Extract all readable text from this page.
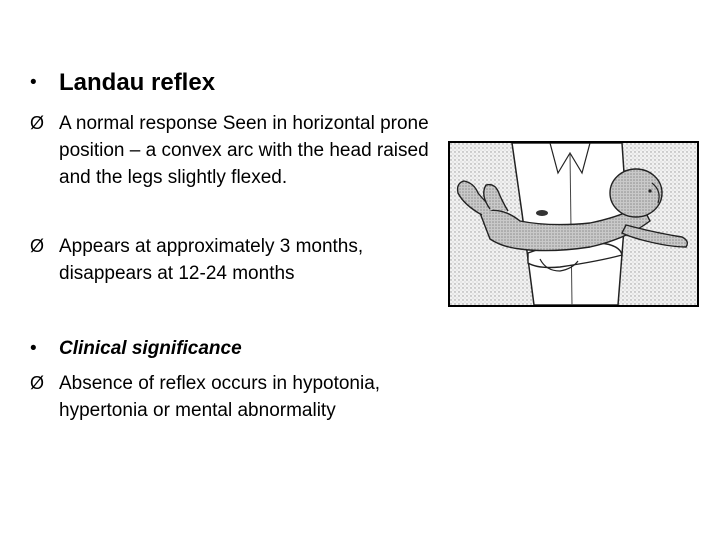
• Landau reflex
Ø A normal response Seen in horizontal prone position – a convex arc with the head raised and the legs slightly flexed.
Ø Appears at approximately 3 months, disappears at 12-24 months
•	Clinical significance
Ø Absence of reflex occurs in hypotonia, hypertonia or mental abnormality
